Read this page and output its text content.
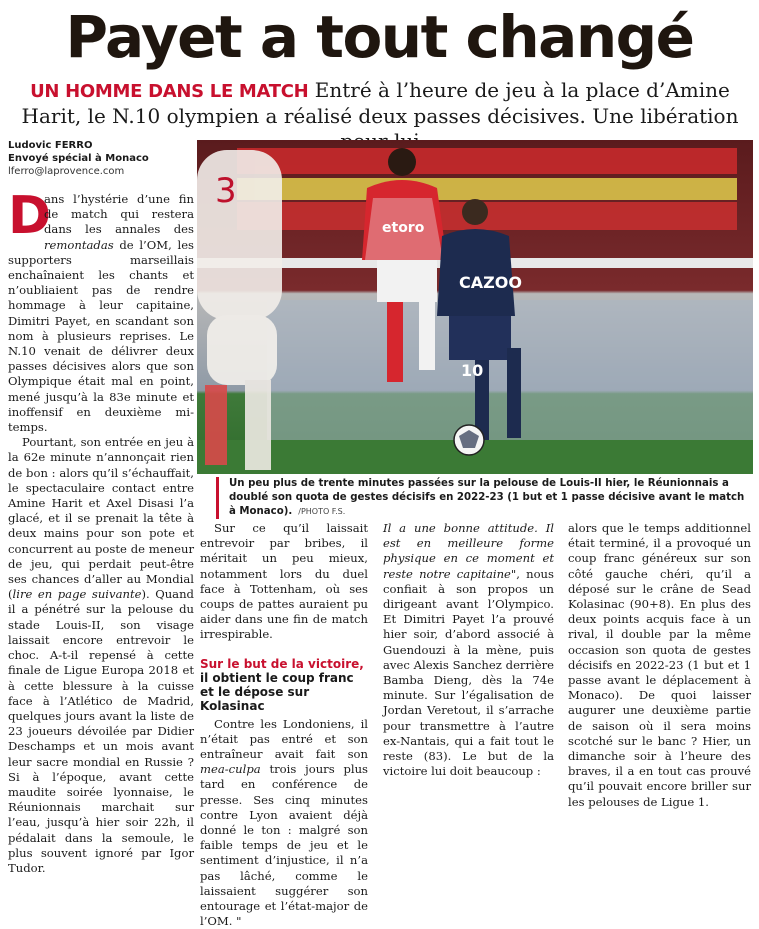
Payet a tout changé
UN HOMME DANS LE MATCH Entré à l’heure de jeu à la place d’Amine Harit, le N.10 olympien a réalisé deux passes décisives. Une libération
Ludovic FERRO
Envoyé spécial à Monaco
lferro@laprovence.com	3
etoro
CAZOO
10
Un peu plus de trente minutes passées sur la pelouse de Louis-II hier, le Réunionnais a doublé son quota de gestes décisifs en 2022-23 (1 but et 1 passe décisive avant le match à Monaco). /PHOTO F.S.

D
ans l’hystérie d’une fin de match qui restera dans les annales des remontadas de l’OM, les supporters marseillais enchaînaient les chants et n’oubliaient pas de rendre hommage à leur capitaine, Dimitri Payet, en scandant son nom à plusieurs reprises. Le N.10 venait de délivrer deux passes décisives alors que son Olympique était mal en point, mené jusqu’à la 83e minute et inoffensif en deuxième mi-temps.

Pourtant, son entrée en jeu à la 62e minute n’annonçait rien de bon : alors qu’il s’échauffait, le spectaculaire contact entre Amine Harit et Axel Disasi l’a glacé, et il se prenait la tête à deux mains pour son pote et concurrent au poste de meneur de jeu, qui perdait peut-être ses chances d’aller au Mondial (lire en page suivante). Quand il a pénétré sur la pelouse du stade Louis-II, son visage laissait encore entrevoir le choc. A-t-il repensé à cette finale de Ligue Europa 2018 et à cette blessure à la cuisse face à l’Atlético de Madrid, quelques jours avant la liste de 23 joueurs dévoilée par Didier Deschamps et un mois avant leur sacre mondial en Russie ? Si à l’époque, avant cette maudite soirée lyonnaise, le Réunionnais marchait sur l’eau, jusqu’à hier soir 22h, il pédalait dans la semoule, le plus souvent ignoré par Igor Tudor.

Sur ce qu’il laissait entrevoir par bribes, il méritait un peu mieux, notamment lors du duel face à Tottenham, où ses coups de pattes auraient pu aider dans une fin de match irrespirable.

Sur le but de la victoire, il obtient le coup franc et le dépose sur Kolasinac

Contre les Londoniens, il n’était pas entré et son entraîneur avait fait son mea-culpa trois jours plus tard en conférence de presse. Ses cinq minutes contre Lyon avaient déjà donné le ton : malgré son faible temps de jeu et le sentiment d’injustice, il n’a pas lâché, comme le laissaient suggérer son entourage et l’état-major de l’OM. "

Il a une bonne attitude. Il est en meilleure forme physique en ce moment et reste notre capitaine", nous confiait à son propos un dirigeant avant l’Olympico. Et Dimitri Payet l’a prouvé hier soir, d’abord associé à Guendouzi à la mène, puis avec Alexis Sanchez derrière Bamba Dieng, dès la 74e minute. Sur l’égalisation de Jordan Veretout, il s’arrache pour transmettre à l’autre ex-Nantais, qui a fait tout le reste (83). Le but de la victoire lui doit beaucoup :

alors que le temps additionnel était terminé, il a provoqué un coup franc généreux sur son côté gauche chéri, qu’il a déposé sur le crâne de Sead Kolasinac (90+8). En plus des deux points acquis face à un rival, il double par la même occasion son quota de gestes décisifs en 2022-23 (1 but et 1 passe avant le déplacement à Monaco). De quoi laisser augurer une deuxième partie de saison où il sera moins scotché sur le banc ? Hier, un dimanche soir à l’heure des braves, il a en tout cas prouvé qu’il pouvait encore briller sur les pelouses de Ligue 1.
